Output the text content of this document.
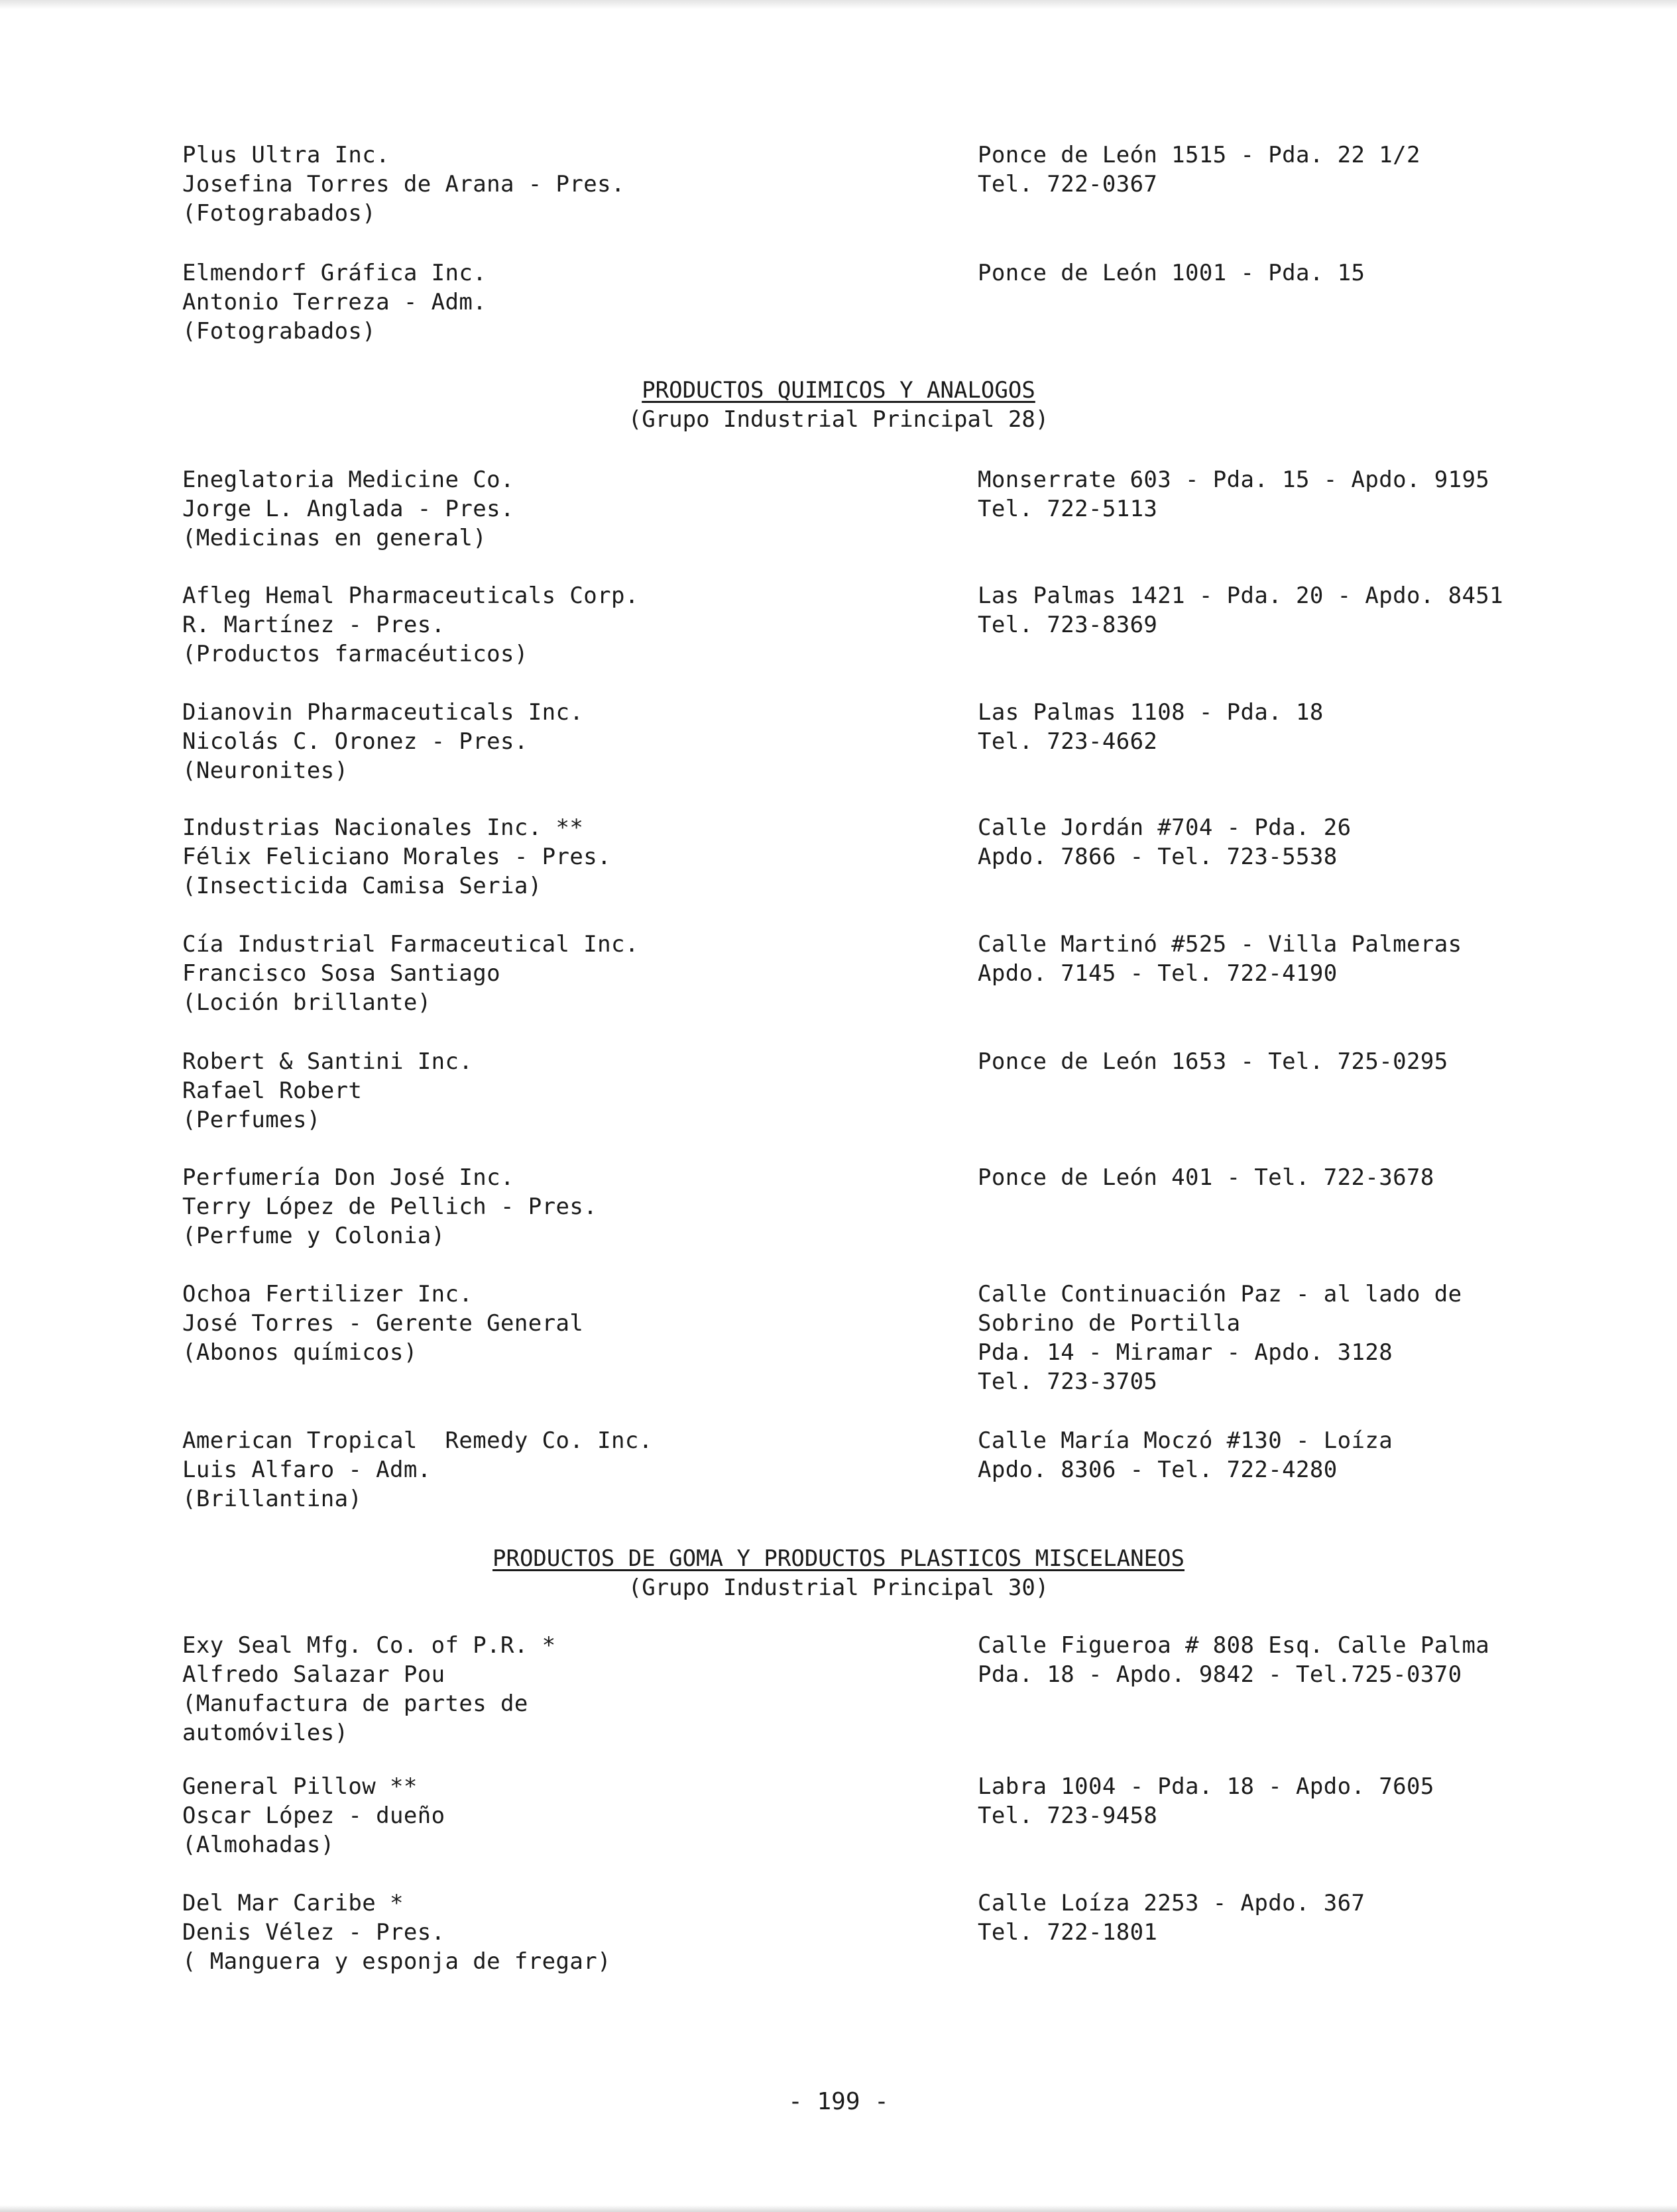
Plus Ultra Inc.
Josefina Torres de Arana - Pres.
(Fotograbados)
Ponce de León 1515 - Pda. 22 1/2
Tel. 722-0367
Elmendorf Gráfica Inc.
Antonio Terreza - Adm.
(Fotograbados)
Ponce de León 1001 - Pda. 15
PRODUCTOS QUIMICOS Y ANALOGOS
(Grupo Industrial Principal 28)
Eneglatoria Medicine Co.
Jorge L. Anglada - Pres.
(Medicinas en general)
Monserrate 603 - Pda. 15 - Apdo. 9195
Tel. 722-5113
Afleg Hemal Pharmaceuticals Corp.
R. Martínez - Pres.
(Productos farmacéuticos)
Las Palmas 1421 - Pda. 20 - Apdo. 8451
Tel. 723-8369
Dianovin Pharmaceuticals Inc.
Nicolás C. Oronez - Pres.
(Neuronites)
Las Palmas 1108 - Pda. 18
Tel. 723-4662
Industrias Nacionales Inc. **
Félix Feliciano Morales - Pres.
(Insecticida Camisa Seria)
Calle Jordán #704 - Pda. 26
Apdo. 7866 - Tel. 723-5538
Cía Industrial Farmaceutical Inc.
Francisco Sosa Santiago
(Loción brillante)
Calle Martinó #525 - Villa Palmeras
Apdo. 7145 - Tel. 722-4190
Robert & Santini Inc.
Rafael Robert
(Perfumes)
Ponce de León 1653 - Tel. 725-0295
Perfumería Don José Inc.
Terry López de Pellich - Pres.
(Perfume y Colonia)
Ponce de León 401 - Tel. 722-3678
Ochoa Fertilizer Inc.
José Torres - Gerente General
(Abonos químicos)
Calle Continuación Paz - al lado de
Sobrino de Portilla
Pda. 14 - Miramar - Apdo. 3128
Tel. 723-3705
American Tropical  Remedy Co. Inc.
Luis Alfaro - Adm.
(Brillantina)
Calle María Moczó #130 - Loíza
Apdo. 8306 - Tel. 722-4280
PRODUCTOS DE GOMA Y PRODUCTOS PLASTICOS MISCELANEOS
(Grupo Industrial Principal 30)
Exy Seal Mfg. Co. of P.R. *
Alfredo Salazar Pou
(Manufactura de partes de
automóviles)
Calle Figueroa # 808 Esq. Calle Palma
Pda. 18 - Apdo. 9842 - Tel.725-0370
General Pillow **
Oscar López - dueño
(Almohadas)
Labra 1004 - Pda. 18 - Apdo. 7605
Tel. 723-9458
Del Mar Caribe *
Denis Vélez - Pres.
( Manguera y esponja de fregar)
Calle Loíza 2253 - Apdo. 367
Tel. 722-1801
- 199 -
